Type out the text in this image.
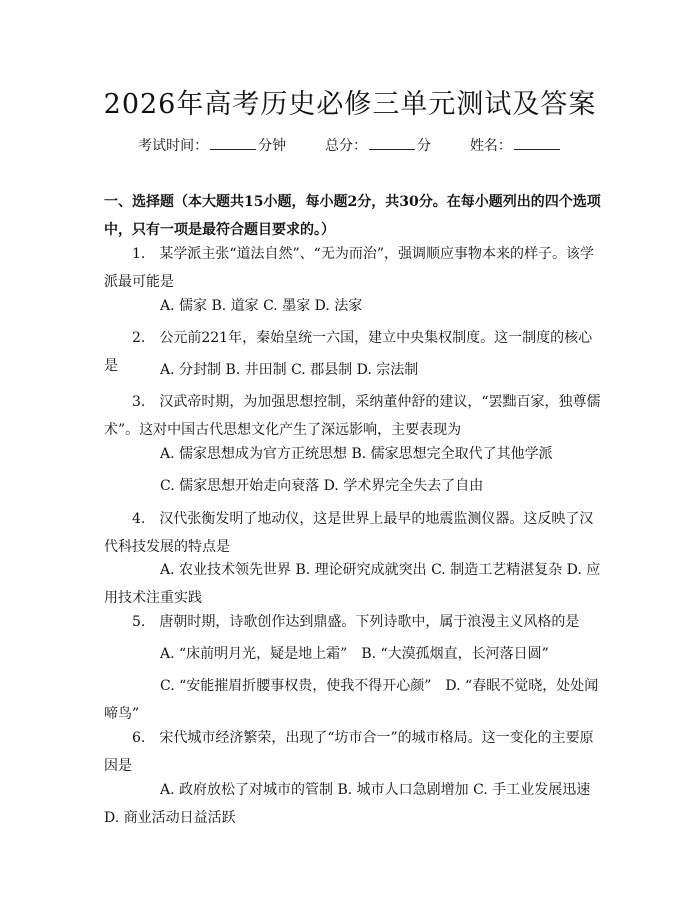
2026年高考历史必修三单元测试及答案
考试时间：	分钟	总分：	分	姓名：
一、选择题（本大题共15小题，每小题2分，共30分。在每小题列出的四个选项中，只有一项是最符合题目要求的。）
1.　某学派主张“道法自然”、“无为而治”，强调顺应事物本来的样子。该学派最可能是
A. 儒家 B. 道家 C. 墨家 D. 法家
2.　公元前221年，秦始皇统一六国，建立中央集权制度。这一制度的核心是	A. 分封制 B. 井田制 C. 郡县制 D. 宗法制
3.　汉武帝时期，为加强思想控制，采纳董仲舒的建议，“罢黜百家，独尊儒术”。这对中国古代思想文化产生了深远影响，主要表现为
A. 儒家思想成为官方正统思想 B. 儒家思想完全取代了其他学派
C. 儒家思想开始走向衰落 D. 学术界完全失去了自由
4.　汉代张衡发明了地动仪，这是世界上最早的地震监测仪器。这反映了汉代科技发展的特点是
A. 农业技术领先世界 B. 理论研究成就突出 C. 制造工艺精湛复杂 D. 应用技术注重实践
5.　唐朝时期，诗歌创作达到鼎盛。下列诗歌中，属于浪漫主义风格的是
A. “床前明月光，疑是地上霜”　B. “大漠孤烟直，长河落日圆”
C. “安能摧眉折腰事权贵，使我不得开心颜”　D. “春眠不觉晓，处处闻啼鸟”
6.　宋代城市经济繁荣，出现了“坊市合一”的城市格局。这一变化的主要原因是
A. 政府放松了对城市的管制 B. 城市人口急剧增加 C. 手工业发展迅速 D. 商业活动日益活跃
